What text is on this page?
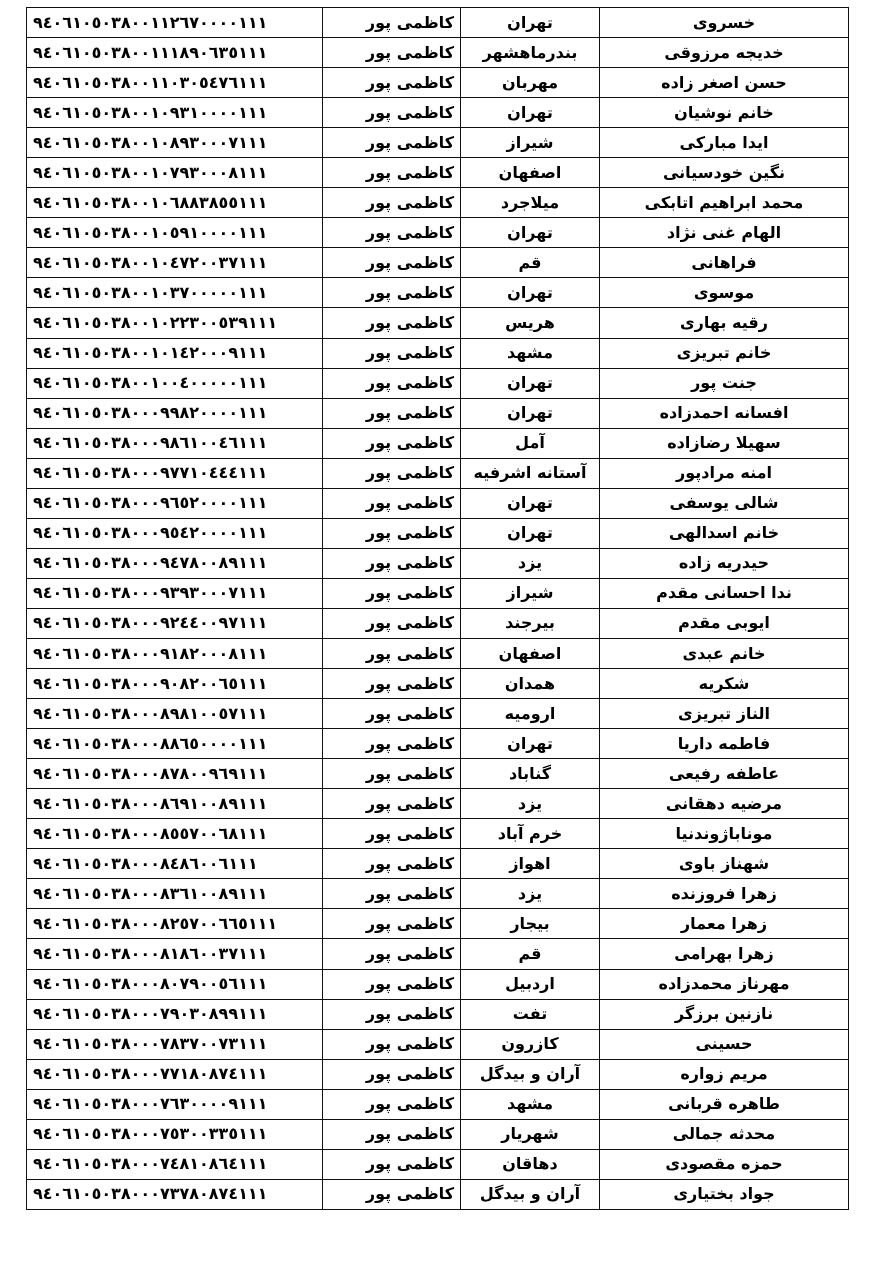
خسروی	تهران	کاظمی پور	۹٤٠٦١٠٥٠٣٨٠٠١١٢٦٧٠٠٠٠١١١
خدیجه مرزوقی	بندرماهشهر	کاظمی پور	۹٤٠٦١٠٥٠٣٨٠٠١١١٨٩٠٦٣٥١١١
حسن اصغر زاده	مهربان	کاظمی پور	۹٤٠٦١٠٥٠٣٨٠٠١١٠٣٠٥٤٧٦١١١
خانم نوشیان	تهران	کاظمی پور	۹٤٠٦١٠٥٠٣٨٠٠١٠۹٣١٠٠٠٠١١١
ایدا مبارکی	شیراز	کاظمی پور	۹٤٠٦١٠٥٠٣٨٠٠١٠٨۹٣٠٠٠٧١١١
نگین خودسیانی	اصفهان	کاظمی پور	۹٤٠٦١٠٥٠٣٨٠٠١٠٧۹٣٠٠٠٨١١١
محمد ابراهیم اتابکی	میلاجرد	کاظمی پور	۹٤٠٦١٠٥٠٣٨٠٠١٠٦٨٨٣٨٥٥١١١
الهام غنی نژاد	تهران	کاظمی پور	۹٤٠٦١٠٥٠٣٨٠٠١٠٥۹١٠٠٠٠١١١
فراهانی	قم	کاظمی پور	۹٤٠٦١٠٥٠٣٨٠٠١٠٤٧٢٠٠٣٧١١١
موسوی	تهران	کاظمی پور	۹٤٠٦١٠٥٠٣٨٠٠١٠٣٧٠٠٠٠٠١١١
رقیه بهاری	هریس	کاظمی پور	۹٤٠٦١٠٥٠٣٨٠٠١٠٢٢٣٠٠٥٣۹١١١
خانم تبریزی	مشهد	کاظمی پور	۹٤٠٦١٠٥٠٣٨٠٠١٠١٤٢٠٠٠۹١١١
جنت پور	تهران	کاظمی پور	۹٤٠٦١٠٥٠٣٨٠٠١٠٠٤٠٠٠٠٠١١١
افسانه احمدزاده	تهران	کاظمی پور	۹٤٠٦١٠٥٠٣٨٠٠٠۹۹٨٢٠٠٠٠١١١
سهیلا رضازاده	آمل	کاظمی پور	۹٤٠٦١٠٥٠٣٨٠٠٠۹٨٦١٠٠٤٦١١١
امنه مرادپور	آستانه اشرفیه	کاظمی پور	۹٤٠٦١٠٥٠٣٨٠٠٠۹٧٧١٠٤٤٤١١١
شالی یوسفی	تهران	کاظمی پور	۹٤٠٦١٠٥٠٣٨٠٠٠۹٦٥٢٠٠٠٠١١١
خانم اسدالهی	تهران	کاظمی پور	۹٤٠٦١٠٥٠٣٨٠٠٠۹٥٤٢٠٠٠٠١١١
حیدریه زاده	یزد	کاظمی پور	۹٤٠٦١٠٥٠٣٨٠٠٠۹٤٧٨٠٠٨۹١١١
ندا احسانی مقدم	شیراز	کاظمی پور	۹٤٠٦١٠٥٠٣٨٠٠٠۹٣۹٣٠٠٠٧١١١
ایوبی مقدم	بیرجند	کاظمی پور	۹٤٠٦١٠٥٠٣٨٠٠٠۹٢٤٤٠٠۹٧١١١
خانم عبدی	اصفهان	کاظمی پور	۹٤٠٦١٠٥٠٣٨٠٠٠۹١٨٢٠٠٠٨١١١
شکریه	همدان	کاظمی پور	۹٤٠٦١٠٥٠٣٨٠٠٠۹٠٨٢٠٠٦٥١١١
الناز تبریزی	ارومیه	کاظمی پور	۹٤٠٦١٠٥٠٣٨٠٠٠٨۹٨١٠٠٥٧١١١
فاطمه داریا	تهران	کاظمی پور	۹٤٠٦١٠٥٠٣٨٠٠٠٨٨٦٥٠٠٠٠١١١
عاطفه رفیعی	گناباد	کاظمی پور	۹٤٠٦١٠٥٠٣٨٠٠٠٨٧٨٠٠۹٦۹١١١
مرضیه دهقانی	یزد	کاظمی پور	۹٤٠٦١٠٥٠٣٨٠٠٠٨٦۹١٠٠٨۹١١١
موناباژوندنیا	خرم آباد	کاظمی پور	۹٤٠٦١٠٥٠٣٨٠٠٠٨٥٥٧٠٠٦٨١١١
شهناز باوی	اهواز	کاظمی پور	۹٤٠٦١٠٥٠٣٨٠٠٠٨٤٨٦٠٠٦١١١
زهرا فروزنده	یزد	کاظمی پور	۹٤٠٦١٠٥٠٣٨٠٠٠٨٣٦١٠٠٨۹١١١
زهرا معمار	بیجار	کاظمی پور	۹٤٠٦١٠٥٠٣٨٠٠٠٨٢٥٧٠٠٦٦٥١١١
زهرا بهرامی	قم	کاظمی پور	۹٤٠٦١٠٥٠٣٨٠٠٠٨١٨٦٠٠٣٧١١١
مهرناز محمدزاده	اردبیل	کاظمی پور	۹٤٠٦١٠٥٠٣٨٠٠٠٨٠٧۹٠٠٥٦١١١
نازنین برزگر	تفت	کاظمی پور	۹٤٠٦١٠٥٠٣٨٠٠٠٧۹٠٣٠٨۹۹١١١
حسینی	کازرون	کاظمی پور	۹٤٠٦١٠٥٠٣٨٠٠٠٧٨٣٧٠٠٧٣١١١
مریم زواره	آران و بیدگل	کاظمی پور	۹٤٠٦١٠٥٠٣٨٠٠٠٧٧١٨٠٨٧٤١١١
طاهره قربانی	مشهد	کاظمی پور	۹٤٠٦١٠٥٠٣٨٠٠٠٧٦٣٠٠٠٠۹١١١
محدثه جمالی	شهریار	کاظمی پور	۹٤٠٦١٠٥٠٣٨٠٠٠٧٥٣٠٠٣٣٥١١١
حمزه مقصودی	دهاقان	کاظمی پور	۹٤٠٦١٠٥٠٣٨٠٠٠٧٤٨١٠٨٦٤١١١
جواد بختیاری	آران و بیدگل	کاظمی پور	۹٤٠٦١٠٥٠٣٨٠٠٠٧٣٧٨٠٨٧٤١١١
